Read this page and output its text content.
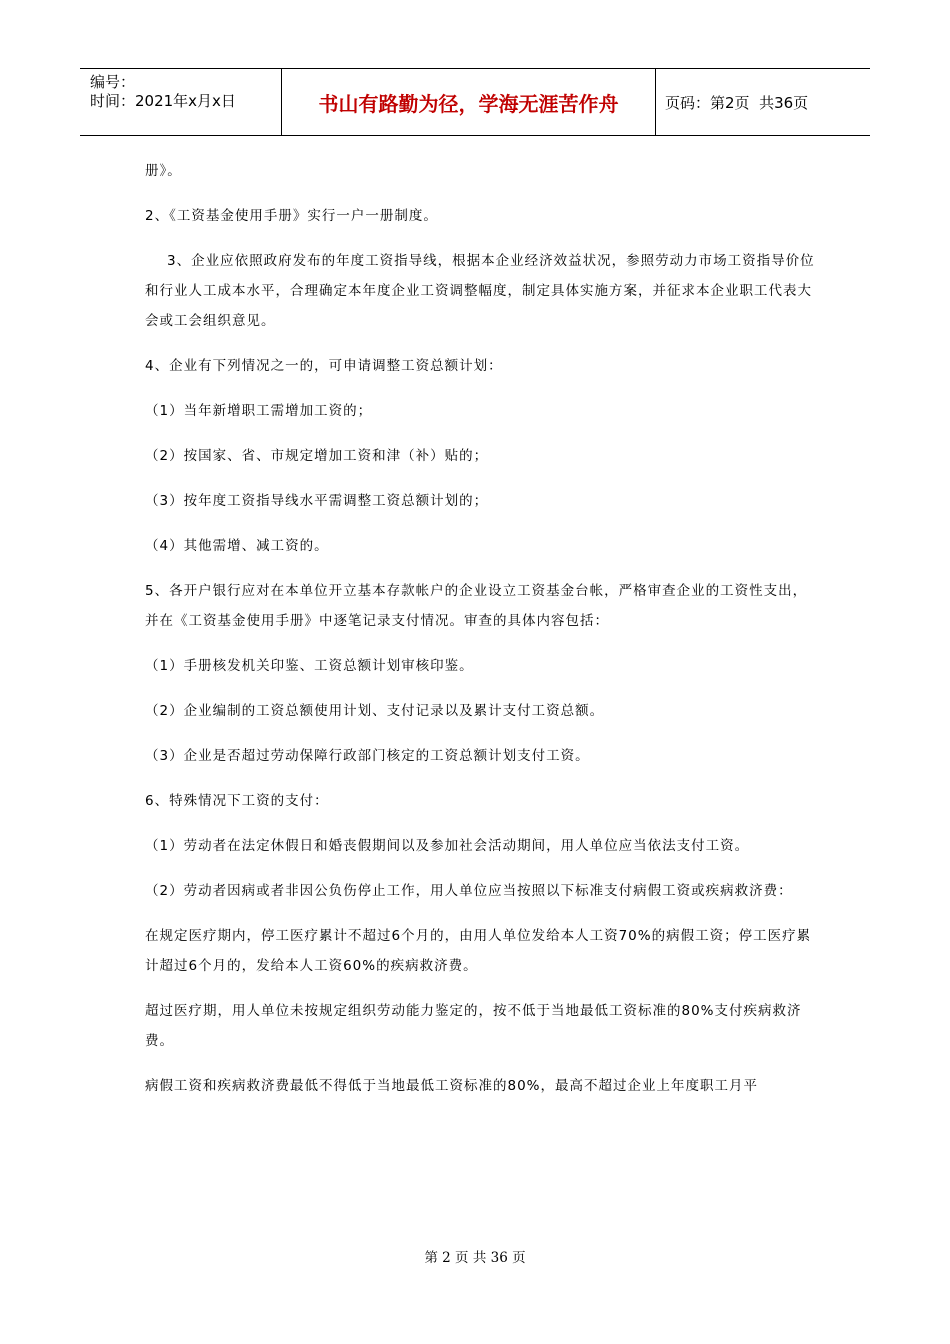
编号：
时间：2021年x月x日	书山有路勤为径，学海无涯苦作舟	页码：第2页  共36页

册》。

2、《工资基金使用手册》实行一户一册制度。

3、企业应依照政府发布的年度工资指导线，根据本企业经济效益状况，参照劳动力市场工资指导价位和行业人工成本水平，合理确定本年度企业工资调整幅度，制定具体实施方案，并征求本企业职工代表大会或工会组织意见。

4、企业有下列情况之一的，可申请调整工资总额计划：

（1）当年新增职工需增加工资的；

（2）按国家、省、市规定增加工资和津（补）贴的；

（3）按年度工资指导线水平需调整工资总额计划的；

（4）其他需增、减工资的。

5、各开户银行应对在本单位开立基本存款帐户的企业设立工资基金台帐，严格审查企业的工资性支出，并在《工资基金使用手册》中逐笔记录支付情况。审查的具体内容包括：

（1）手册核发机关印鉴、工资总额计划审核印鉴。

（2）企业编制的工资总额使用计划、支付记录以及累计支付工资总额。

（3）企业是否超过劳动保障行政部门核定的工资总额计划支付工资。

6、特殊情况下工资的支付：

（1）劳动者在法定休假日和婚丧假期间以及参加社会活动期间，用人单位应当依法支付工资。

（2）劳动者因病或者非因公负伤停止工作，用人单位应当按照以下标准支付病假工资或疾病救济费：

在规定医疗期内，停工医疗累计不超过6个月的，由用人单位发给本人工资70%的病假工资；停工医疗累计超过6个月的，发给本人工资60%的疾病救济费。

超过医疗期，用人单位未按规定组织劳动能力鉴定的，按不低于当地最低工资标准的80%支付疾病救济费。

病假工资和疾病救济费最低不得低于当地最低工资标准的80%，最高不超过企业上年度职工月平

第 2 页 共 36 页
